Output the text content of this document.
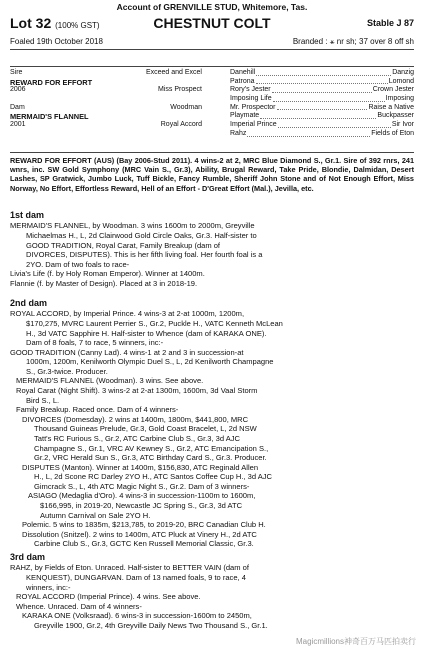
Account of GRENVILLE STUD, Whitemore, Tas.
Lot 32 (100% GST)	CHESTNUT COLT	Stable J 87
Foaled 19th October 2018	Branded : ⚹ nr sh; 37 over 8 off sh
Sire	Exceed and Excel
REWARD FOR EFFORT
2006	Miss Prospect
Dam	Woodman
MERMAID'S FLANNEL
2001	Royal Accord
Danehill	Danzig
Patrona	Lomond
Rory's Jester	Crown Jester
Imposing Life	Imposing
Mr. Prospector	Raise a Native
Playmate	Buckpasser
Imperial Prince	Sir Ivor
Rahz	Fields of Eton

REWARD FOR EFFORT (AUS) (Bay 2006-Stud 2011). 4 wins-2 at 2, MRC Blue Diamond S., Gr.1. Sire of 392 rnrs, 241 wnrs, inc. SW Gold Symphony (MRC Vain S., Gr.3), Ability, Brugal Reward, Take Pride, Blondie, Dalmidan, Desert Lashes, SP Gratwick, Jumbo Luck, Tuff Bickle, Fancy Rumble, Sheriff John Stone and of Not Enough Effort, Miss Norway, No Effort, Effortless Reward, Hell of an Effort - D'Great Effort (Mal.), Jevilla, etc.

1st dam

MERMAID'S FLANNEL, by Woodman. 3 wins 1600m to 2000m, Greyville

Michaelmas H., L, 2d Clairwood Gold Circle Oaks, Gr.3. Half-sister to

GOOD TRADITION, Royal Carat, Family Breakup (dam of

DIVORCES, DISPUTES). This is her fifth living foal. Her fourth foal is a

2YO. Dam of two foals to race-

Livia's Life (f. by Holy Roman Emperor). Winner at 1400m.

Flannie (f. by Master of Design). Placed at 3 in 2018-19.

2nd dam

ROYAL ACCORD, by Imperial Prince. 4 wins-3 at 2-at 1000m, 1200m,

$170,275, MVRC Laurent Perrier S., Gr.2, Puckle H., VATC Kenneth McLean

H., 3d VATC Sapphire H. Half-sister to Whence (dam of KARAKA ONE).

Dam of 8 foals, 7 to race, 5 winners, inc:-

GOOD TRADITION (Canny Lad). 4 wins-1 at 2 and 3 in succession-at

1000m, 1200m, Kenilworth Olympic Duel S., L, 2d Kenilworth Champagne

S., Gr.3-twice. Producer.

MERMAID'S FLANNEL (Woodman). 3 wins. See above.

Royal Carat (Night Shift). 3 wins-2 at 2-at 1300m, 1600m, 3d Vaal Storm

Bird S., L.

Family Breakup. Raced once. Dam of 4 winners-

DIVORCES (Domesday). 2 wins at 1400m, 1800m, $441,800, MRC

Thousand Guineas Prelude, Gr.3, Gold Coast Bracelet, L, 2d NSW

Tatt's RC Furious S., Gr.2, ATC Carbine Club S., Gr.3, 3d AJC

Champagne S., Gr.1, VRC AV Kewney S., Gr.2, ATC Emancipation S.,

Gr.2, VRC Herald Sun S., Gr.3, ATC Birthday Card S., Gr.3. Producer.

DISPUTES (Manton). Winner at 1400m, $156,830, ATC Reginald Allen

H., L, 2d Scone RC Darley 2YO H., ATC Santos Coffee Cup H., 3d AJC

Gimcrack S., L, 4th ATC Magic Night S., Gr.2. Dam of 3 winners-

ASIAGO (Medaglia d'Oro). 4 wins-3 in succession-1100m to 1600m,

$166,995, in 2019-20, Newcastle JC Spring S., Gr.3, 3d ATC

Autumn Carnival on Sale 2YO H.

Polemic. 5 wins to 1835m, $213,785, to 2019-20, BRC Canadian Club H.

Dissolution (Snitzel). 2 wins to 1400m, ATC Pluck at Vinery H., 2d ATC

Carbine Club S., Gr.3, GCTC Ken Russell Memorial Classic, Gr.3.

3rd dam

RAHZ, by Fields of Eton. Unraced. Half-sister to BETTER VAIN (dam of

KENQUEST), DUNGARVAN. Dam of 13 named foals, 9 to race, 4

winners, inc:-

ROYAL ACCORD (Imperial Prince). 4 wins. See above.

Whence. Unraced. Dam of 4 winners-

KARAKA ONE (Volksraad). 6 wins-3 in succession-1600m to 2450m,

Greyville 1900, Gr.2, 4th Greyville Daily News Two Thousand S., Gr.1.

Magicmillions神奇百万马匹拍卖行
